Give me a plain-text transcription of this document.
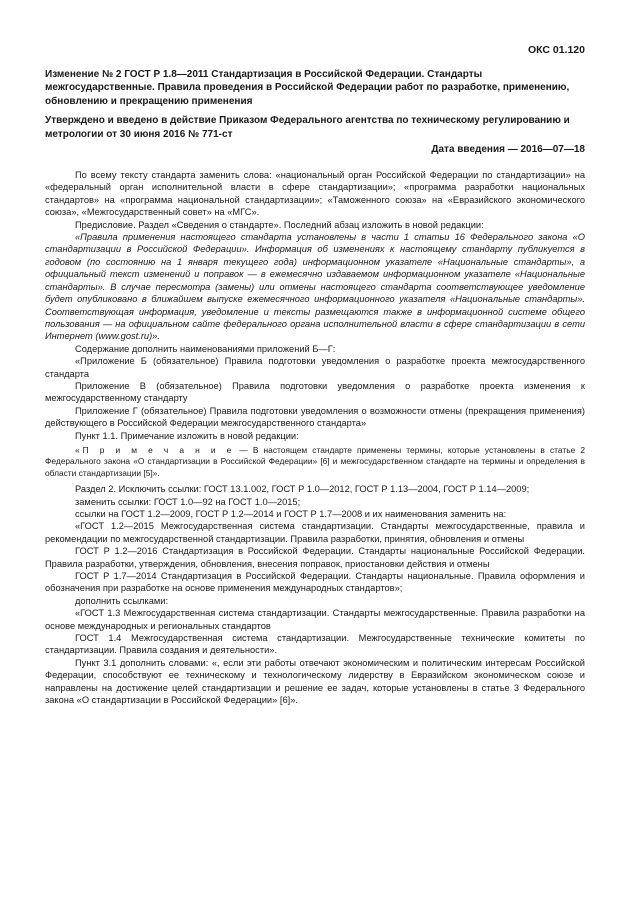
ОКС 01.120
Изменение № 2 ГОСТ Р 1.8—2011 Стандартизация в Российской Федерации. Стандарты межгосударственные. Правила проведения в Российской Федерации работ по разработке, применению, обновлению и прекращению применения
Утверждено и введено в действие Приказом Федерального агентства по техническому регулированию и метрологии от 30 июня 2016 № 771-ст
Дата введения — 2016—07—18

По всему тексту стандарта заменить слова: «национальный орган Российской Федерации по стандартизации» на «федеральный орган исполнительной власти в сфере стандартизации»; «программа разработки национальных стандартов» на «программа национальной стандартизации»; «Таможенного союза» на «Евразийского экономического союза», «Межгосударственный совет» на «МГС».

Предисловие. Раздел «Сведения о стандарте». Последний абзац изложить в новой редакции:

«Правила применения настоящего стандарта установлены в части 1 статьи 16 Федерального закона «О стандартизации в Российской Федерации». Информация об изменениях к настоящему стандарту публикуется в годовом (по состоянию на 1 января текущего года) информационном указателе «Национальные стандарты», а официальный текст изменений и поправок — в ежемесячно издаваемом информационном указателе «Национальные стандарты». В случае пересмотра (замены) или отмены настоящего стандарта соответствующее уведомление будет опубликовано в ближайшем выпуске ежемесячного информационного указателя «Национальные стандарты». Соответствующая информация, уведомление и тексты размещаются также в информационной системе общего пользования — на официальном сайте федерального органа исполнительной власти в сфере стандартизации в сети Интернет (www.gost.ru)».

Содержание дополнить наименованиями приложений Б—Г:

«Приложение Б (обязательное) Правила подготовки уведомления о разработке проекта межгосударственного стандарта

Приложение В (обязательное) Правила подготовки уведомления о разработке проекта изменения к межгосударственному стандарту

Приложение Г (обязательное) Правила подготовки уведомления о возможности отмены (прекращения применения) действующего в Российской Федерации межгосударственного стандарта»

Пункт 1.1. Примечание изложить в новой редакции:

«П р и м е ч а н и е — В настоящем стандарте применены термины, которые установлены в статье 2 Федерального закона «О стандартизации в Российской Федерации» [6] и межгосударственном стандарте на термины и определения в области стандартизации [5]».

Раздел 2. Исключить ссылки: ГОСТ 13.1.002, ГОСТ Р 1.0—2012, ГОСТ Р 1.13—2004, ГОСТ Р 1.14—2009;

заменить ссылки: ГОСТ 1.0—92 на ГОСТ 1.0—2015;

ссылки на ГОСТ 1.2—2009, ГОСТ Р 1.2—2014 и ГОСТ Р 1.7—2008 и их наименования заменить на:

«ГОСТ 1.2—2015 Межгосударственная система стандартизации. Стандарты межгосударственные, правила и рекомендации по межгосударственной стандартизации. Правила разработки, принятия, обновления и отмены

ГОСТ Р 1.2—2016 Стандартизация в Российской Федерации. Стандарты национальные Российской Федерации. Правила разработки, утверждения, обновления, внесения поправок, приостановки действия и отмены

ГОСТ Р 1.7—2014 Стандартизация в Российской Федерации. Стандарты национальные. Правила оформления и обозначения при разработке на основе применения международных стандартов»;

дополнить ссылками:

«ГОСТ 1.3 Межгосударственная система стандартизации. Стандарты межгосударственные. Правила разработки на основе международных и региональных стандартов

ГОСТ 1.4 Межгосударственная система стандартизации. Межгосударственные технические комитеты по стандартизации. Правила создания и деятельности».

Пункт 3.1 дополнить словами: «, если эти работы отвечают экономическим и политическим интересам Российской Федерации, способствуют ее техническому и технологическому лидерству в Евразийском экономическом союзе и направлены на достижение целей стандартизации и решение ее задач, которые установлены в статье 3 Федерального закона «О стандартизации в Российской Федерации» [6]».
